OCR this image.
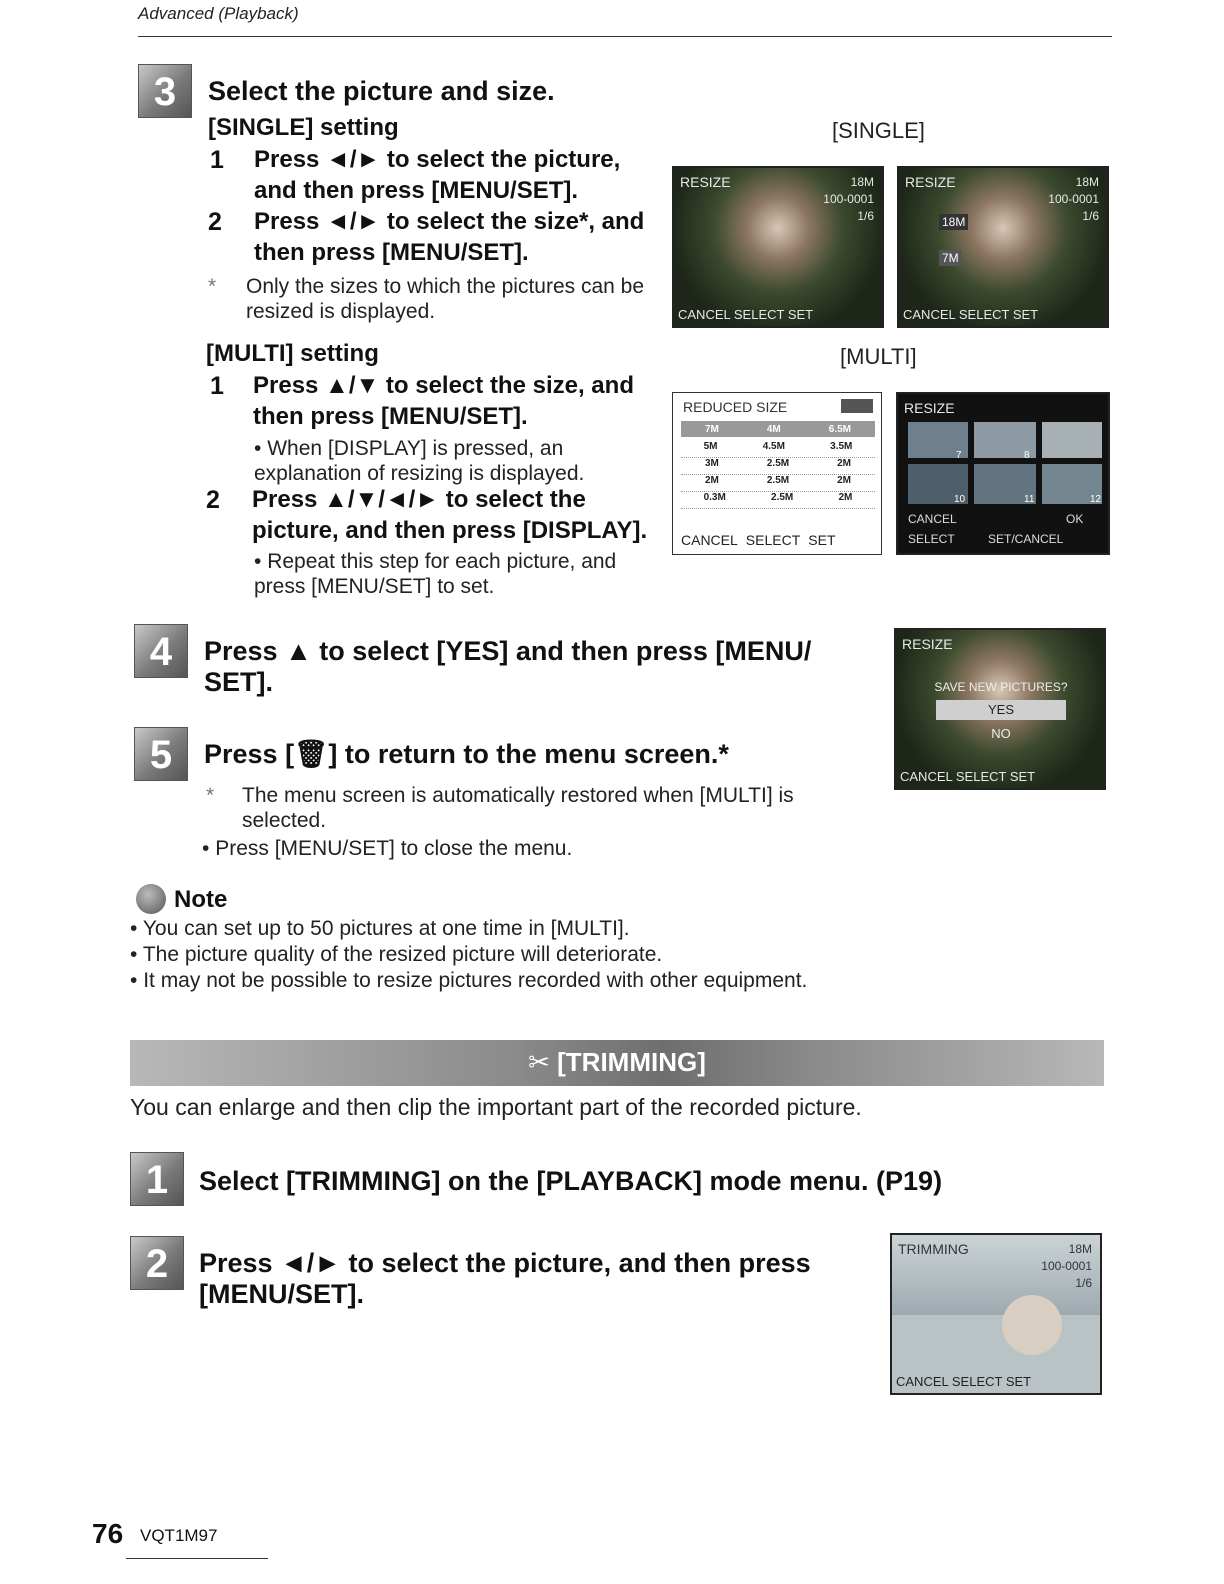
Advanced (Playback)
3	Select the picture and size.
[SINGLE] setting
1 Press ◄/► to select the picture, and then press [MENU/SET].
2 Press ◄/► to select the size*, and then press [MENU/SET].
* Only the sizes to which the pictures can be resized is displayed.
[SINGLE]
RESIZE	18M
100-0001
1/6
CANCEL SELECT SET
RESIZE	18M
100-0001
1/6
18M
7M
CANCEL SELECT SET
[MULTI] setting
1 Press ▲/▼ to select the size, and then press [MENU/SET].
• When [DISPLAY] is pressed, an explanation of resizing is displayed.
2 Press ▲/▼/◄/► to select the picture, and then press [DISPLAY].
• Repeat this step for each picture, and press [MENU/SET] to set.
[MULTI]
REDUCED SIZE
7M	4M	6.5M
5M	4.5M	3.5M
3M	2.5M	2M
2M	2.5M	2M
0.3M	2.5M	2M
CANCEL SELECT SET
RESIZE
7	8
10	11	12
CANCEL	OK
SELECT	SET/CANCEL
4	Press ▲ to select [YES] and then press [MENU/ SET].
RESIZE
SAVE NEW PICTURES?
YES
NO
CANCEL SELECT SET
5	Press [🗑] to return to the menu screen.*
* The menu screen is automatically restored when [MULTI] is selected.
• Press [MENU/SET] to close the menu.
Note
• You can set up to 50 pictures at one time in [MULTI].
• The picture quality of the resized picture will deteriorate.
• It may not be possible to resize pictures recorded with other equipment.
✂ [TRIMMING]
You can enlarge and then clip the important part of the recorded picture.
1	Select [TRIMMING] on the [PLAYBACK] mode menu. (P19)
2	Press ◄/► to select the picture, and then press [MENU/SET].
TRIMMING	18M
100-0001
1/6
CANCEL SELECT SET
76 VQT1M97
